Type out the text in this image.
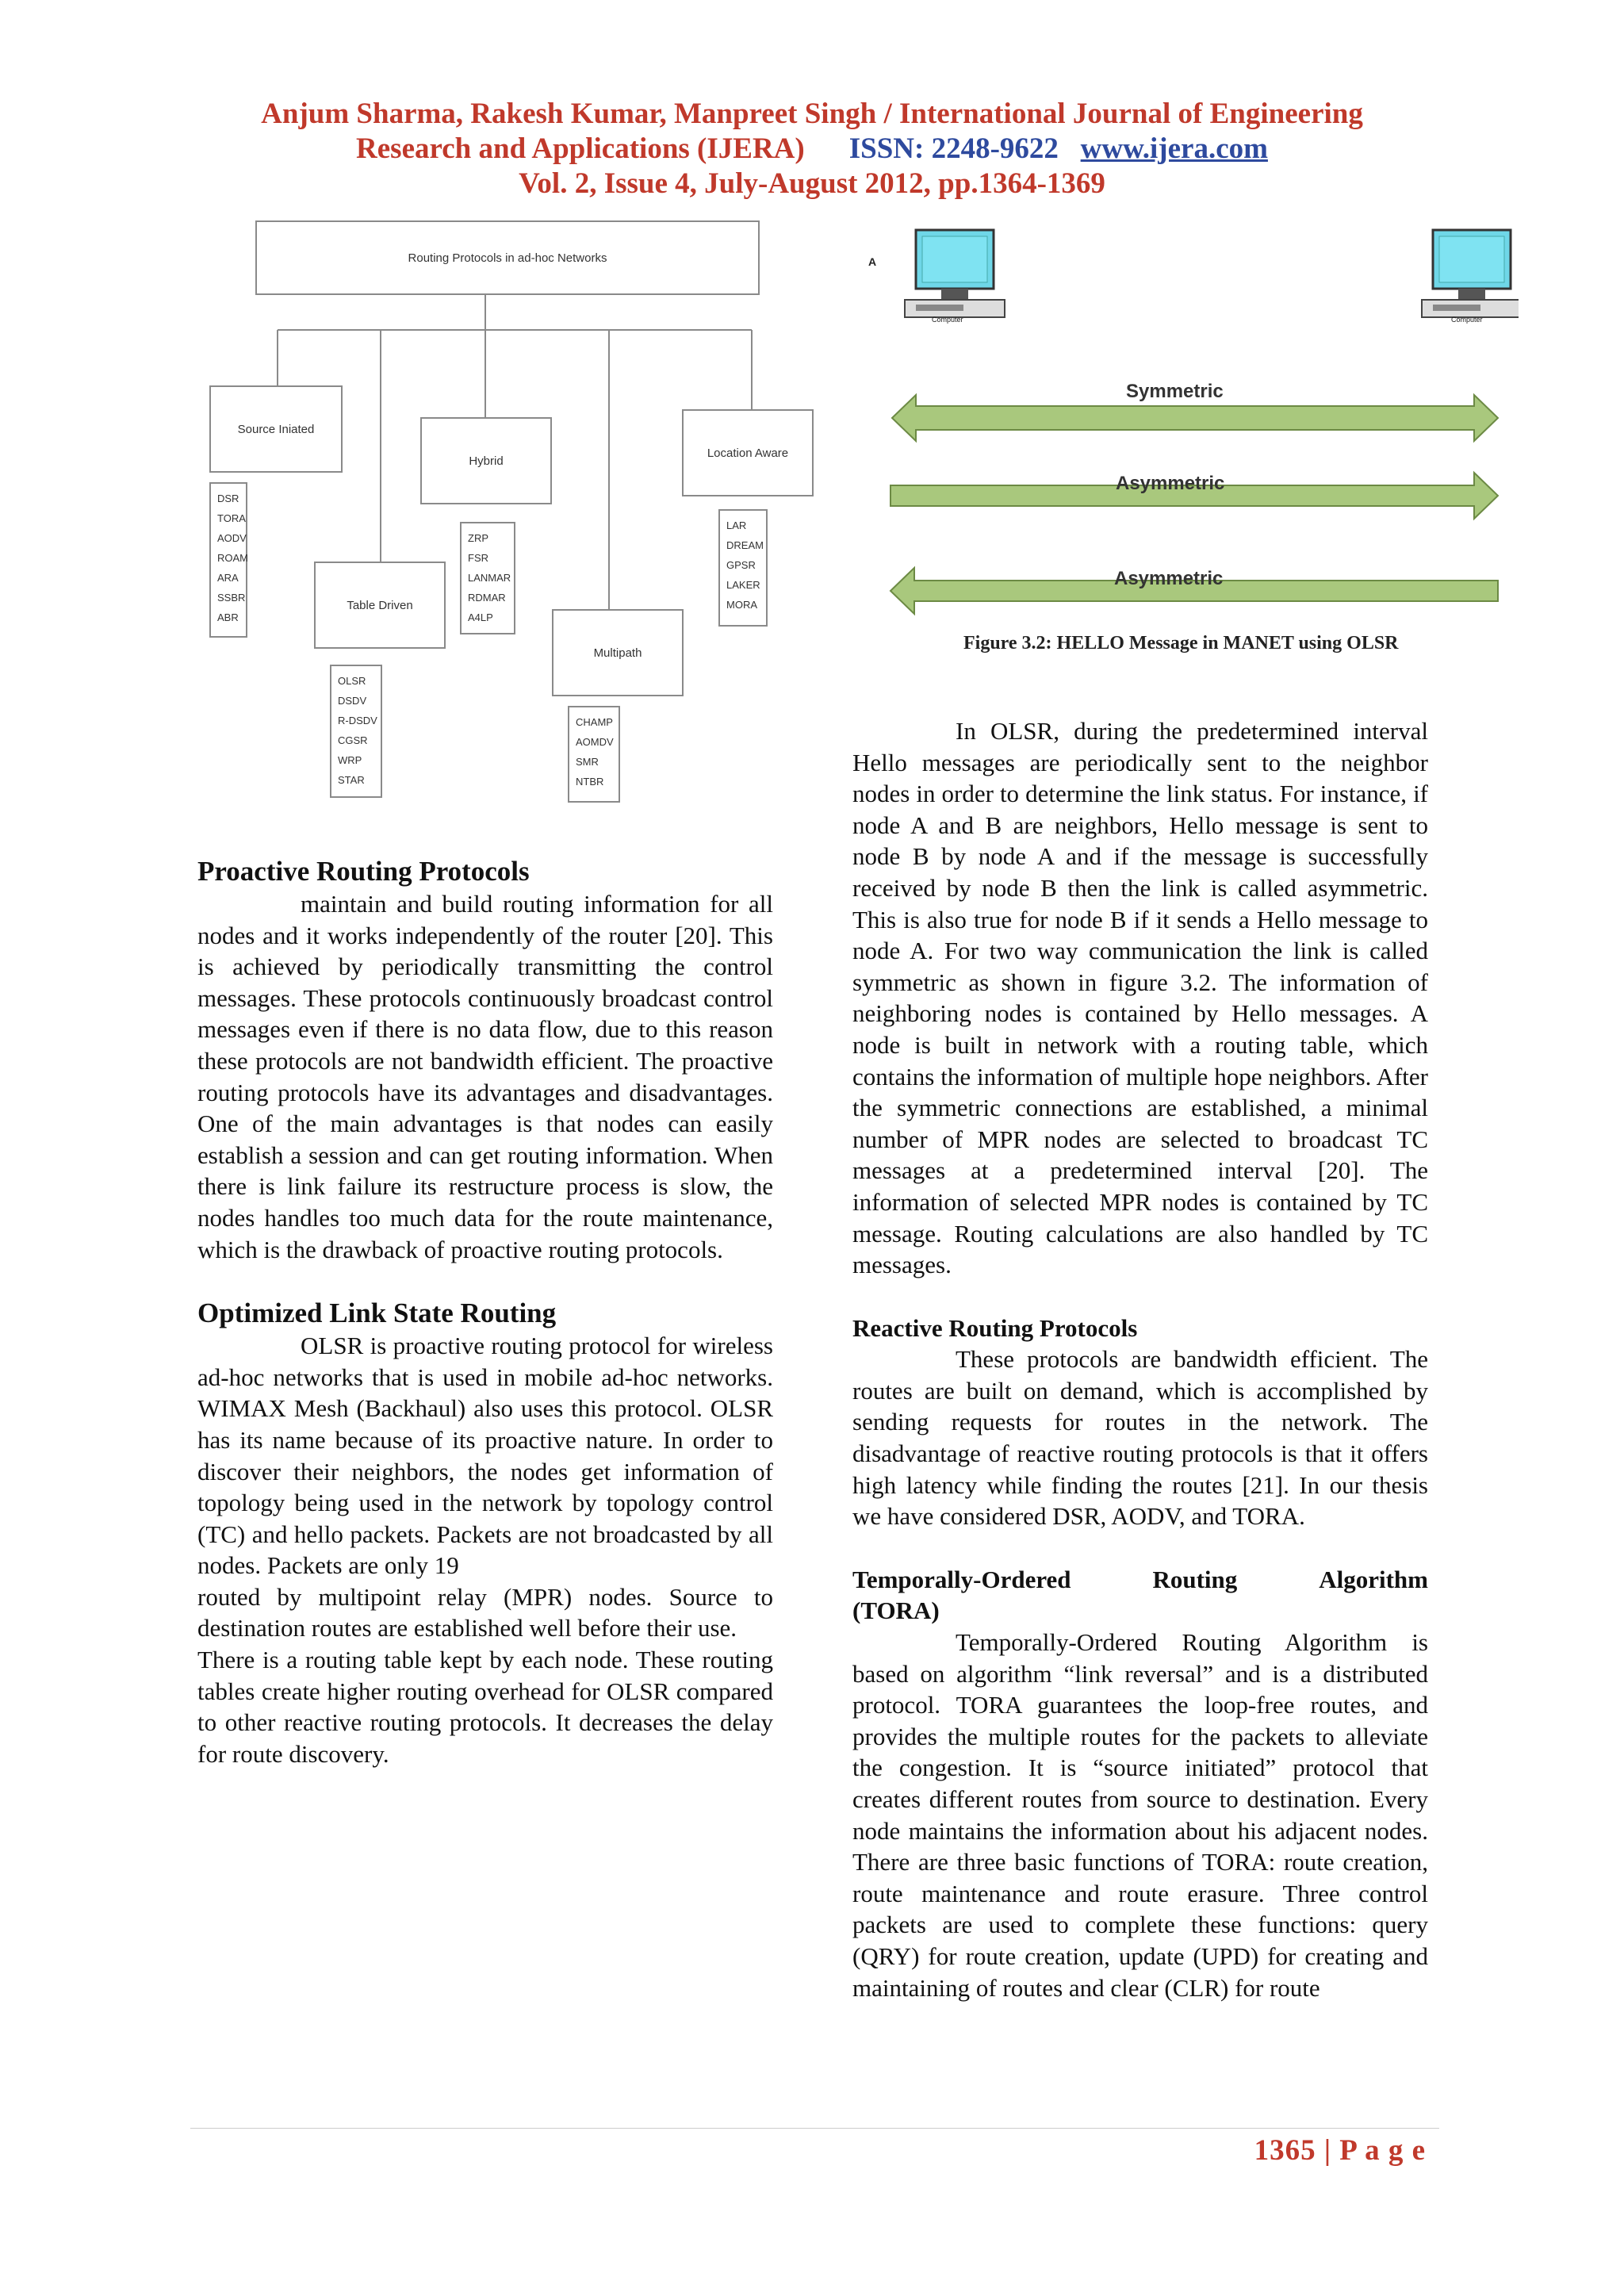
Anjum Sharma, Rakesh Kumar, Manpreet Singh / International Journal of Engineering
Research and Applications (IJERA) ISSN: 2248-9622 www.ijera.com
Vol. 2, Issue 4, July-August 2012, pp.1364-1369
Routing Protocols in ad-hoc Networks
Source Iniated
DSR
TORA
AODV
ROAM
ARA
SSBR
ABR
Hybrid
ZRP
FSR
LANMAR
RDMAR
A4LP
Location Aware
LAR
DREAM
GPSR
LAKER
MORA
Table Driven
OLSR
DSDV
R-DSDV
CGSR
WRP
STAR
Multipath
CHAMP
AOMDV
SMR
NTBR
A
Computer	Computer
Symmetric
Asymmetric
Asymmetric
Figure 3.2: HELLO Message in MANET using OLSR
Proactive Routing Protocols

maintain and build routing information for all nodes and it works independently of the router [20]. This is achieved by periodically transmitting the control messages. These protocols continuously broadcast control messages even if there is no data flow, due to this reason these protocols are not bandwidth efficient. The proactive routing protocols have its advantages and disadvantages. One of the main advantages is that nodes can easily establish a session and can get routing information. When there is link failure its restructure process is slow, the nodes handles too much data for the route maintenance, which is the drawback of proactive routing protocols.

Optimized Link State Routing

OLSR is proactive routing protocol for wireless ad-hoc networks that is used in mobile ad-hoc networks. WIMAX Mesh (Backhaul) also uses this protocol. OLSR has its name because of its proactive nature. In order to discover their neighbors, the nodes get information of topology being used in the network by topology control (TC) and hello packets. Packets are not broadcasted by all nodes. Packets are only 19

routed by multipoint relay (MPR) nodes. Source to destination routes are established well before their use.

There is a routing table kept by each node. These routing tables create higher routing overhead for OLSR compared to other reactive routing protocols. It decreases the delay for route discovery.

In OLSR, during the predetermined interval Hello messages are periodically sent to the neighbor nodes in order to determine the link status. For instance, if node A and B are neighbors, Hello message is sent to node B by node A and if the message is successfully received by node B then the link is called asymmetric. This is also true for node B if it sends a Hello message to node A. For two way communication the link is called symmetric as shown in figure 3.2. The information of neighboring nodes is contained by Hello messages. A node is built in network with a routing table, which contains the information of multiple hope neighbors. After the symmetric connections are established, a minimal number of MPR nodes are selected to broadcast TC messages at a predetermined interval [20]. The information of selected MPR nodes is contained by TC message. Routing calculations are also handled by TC messages.

Reactive Routing Protocols

These protocols are bandwidth efficient. The routes are built on demand, which is accomplished by sending requests for routes in the network. The disadvantage of reactive routing protocols is that it offers high latency while finding the routes [21]. In our thesis we have considered DSR, AODV, and TORA.

Temporally-Ordered	Routing	Algorithm
(TORA)

Temporally-Ordered Routing Algorithm is based on algorithm “link reversal” and is a distributed protocol. TORA guarantees the loop-free routes, and provides the multiple routes for the packets to alleviate the congestion. It is “source initiated” protocol that creates different routes from source to destination. Every node maintains the information about his adjacent nodes. There are three basic functions of TORA: route creation, route maintenance and route erasure. Three control packets are used to complete these functions: query (QRY) for route creation, update (UPD) for creating and maintaining of routes and clear (CLR) for route

1365 | P a g e
